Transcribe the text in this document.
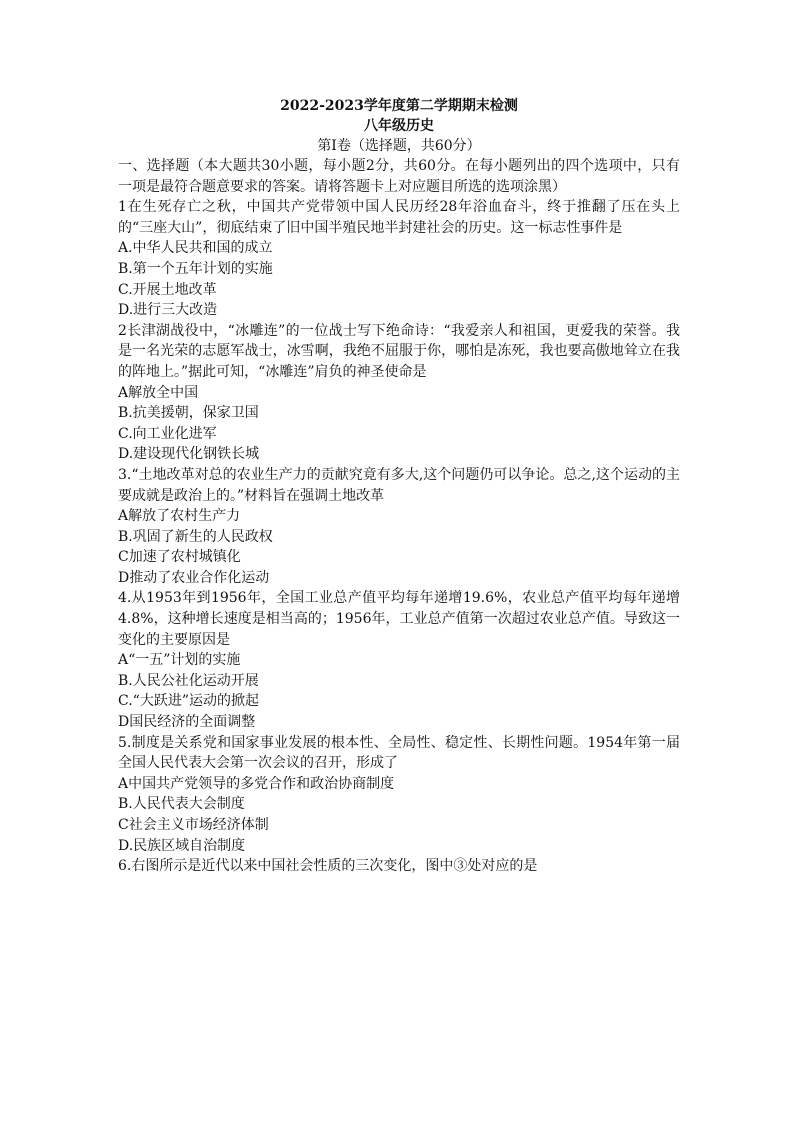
2022-2023学年度第二学期期末检测
八年级历史
第Ⅰ卷（选择题，共60分）

一、选择题（本大题共30小题，每小题2分，共60分。在每小题列出的四个选项中，只有一项是最符合题意要求的答案。请将答题卡上对应题目所选的选项涂黑）

1在生死存亡之秋，中国共产党带领中国人民历经28年浴血奋斗，终于推翻了压在头上的“三座大山”，彻底结束了旧中国半殖民地半封建社会的历史。这一标志性事件是

A.中华人民共和国的成立

B.第一个五年计划的实施

C.开展土地改革

D.进行三大改造

2长津湖战役中，“冰雕连”的一位战士写下绝命诗：“我爱亲人和祖国，更爱我的荣誉。我是一名光荣的志愿军战士，冰雪啊，我绝不屈服于你，哪怕是冻死，我也要高傲地耸立在我的阵地上。”据此可知，“冰雕连”肩负的神圣使命是

A解放全中国

B.抗美援朝，保家卫国

C.向工业化进军

D.建设现代化钢铁长城

3.“土地改革对总的农业生产力的贡献究竟有多大,这个问题仍可以争论。总之,这个运动的主要成就是政治上的。”材料旨在强调土地改革

A解放了农村生产力

B.巩固了新生的人民政权

C加速了农村城镇化

D推动了农业合作化运动

4.从1953年到1956年，全国工业总产值平均每年递增19.6%，农业总产值平均每年递增4.8%，这种增长速度是相当高的；1956年，工业总产值第一次超过农业总产值。导致这一变化的主要原因是

A“一五”计划的实施

B.人民公社化运动开展

C.“大跃进”运动的掀起

D国民经济的全面调整

5.制度是关系党和国家事业发展的根本性、全局性、稳定性、长期性问题。1954年第一届全国人民代表大会第一次会议的召开，形成了

A中国共产党领导的多党合作和政治协商制度

B.人民代表大会制度

C社会主义市场经济体制

D.民族区域自治制度

6.右图所示是近代以来中国社会性质的三次变化，图中③处对应的是
